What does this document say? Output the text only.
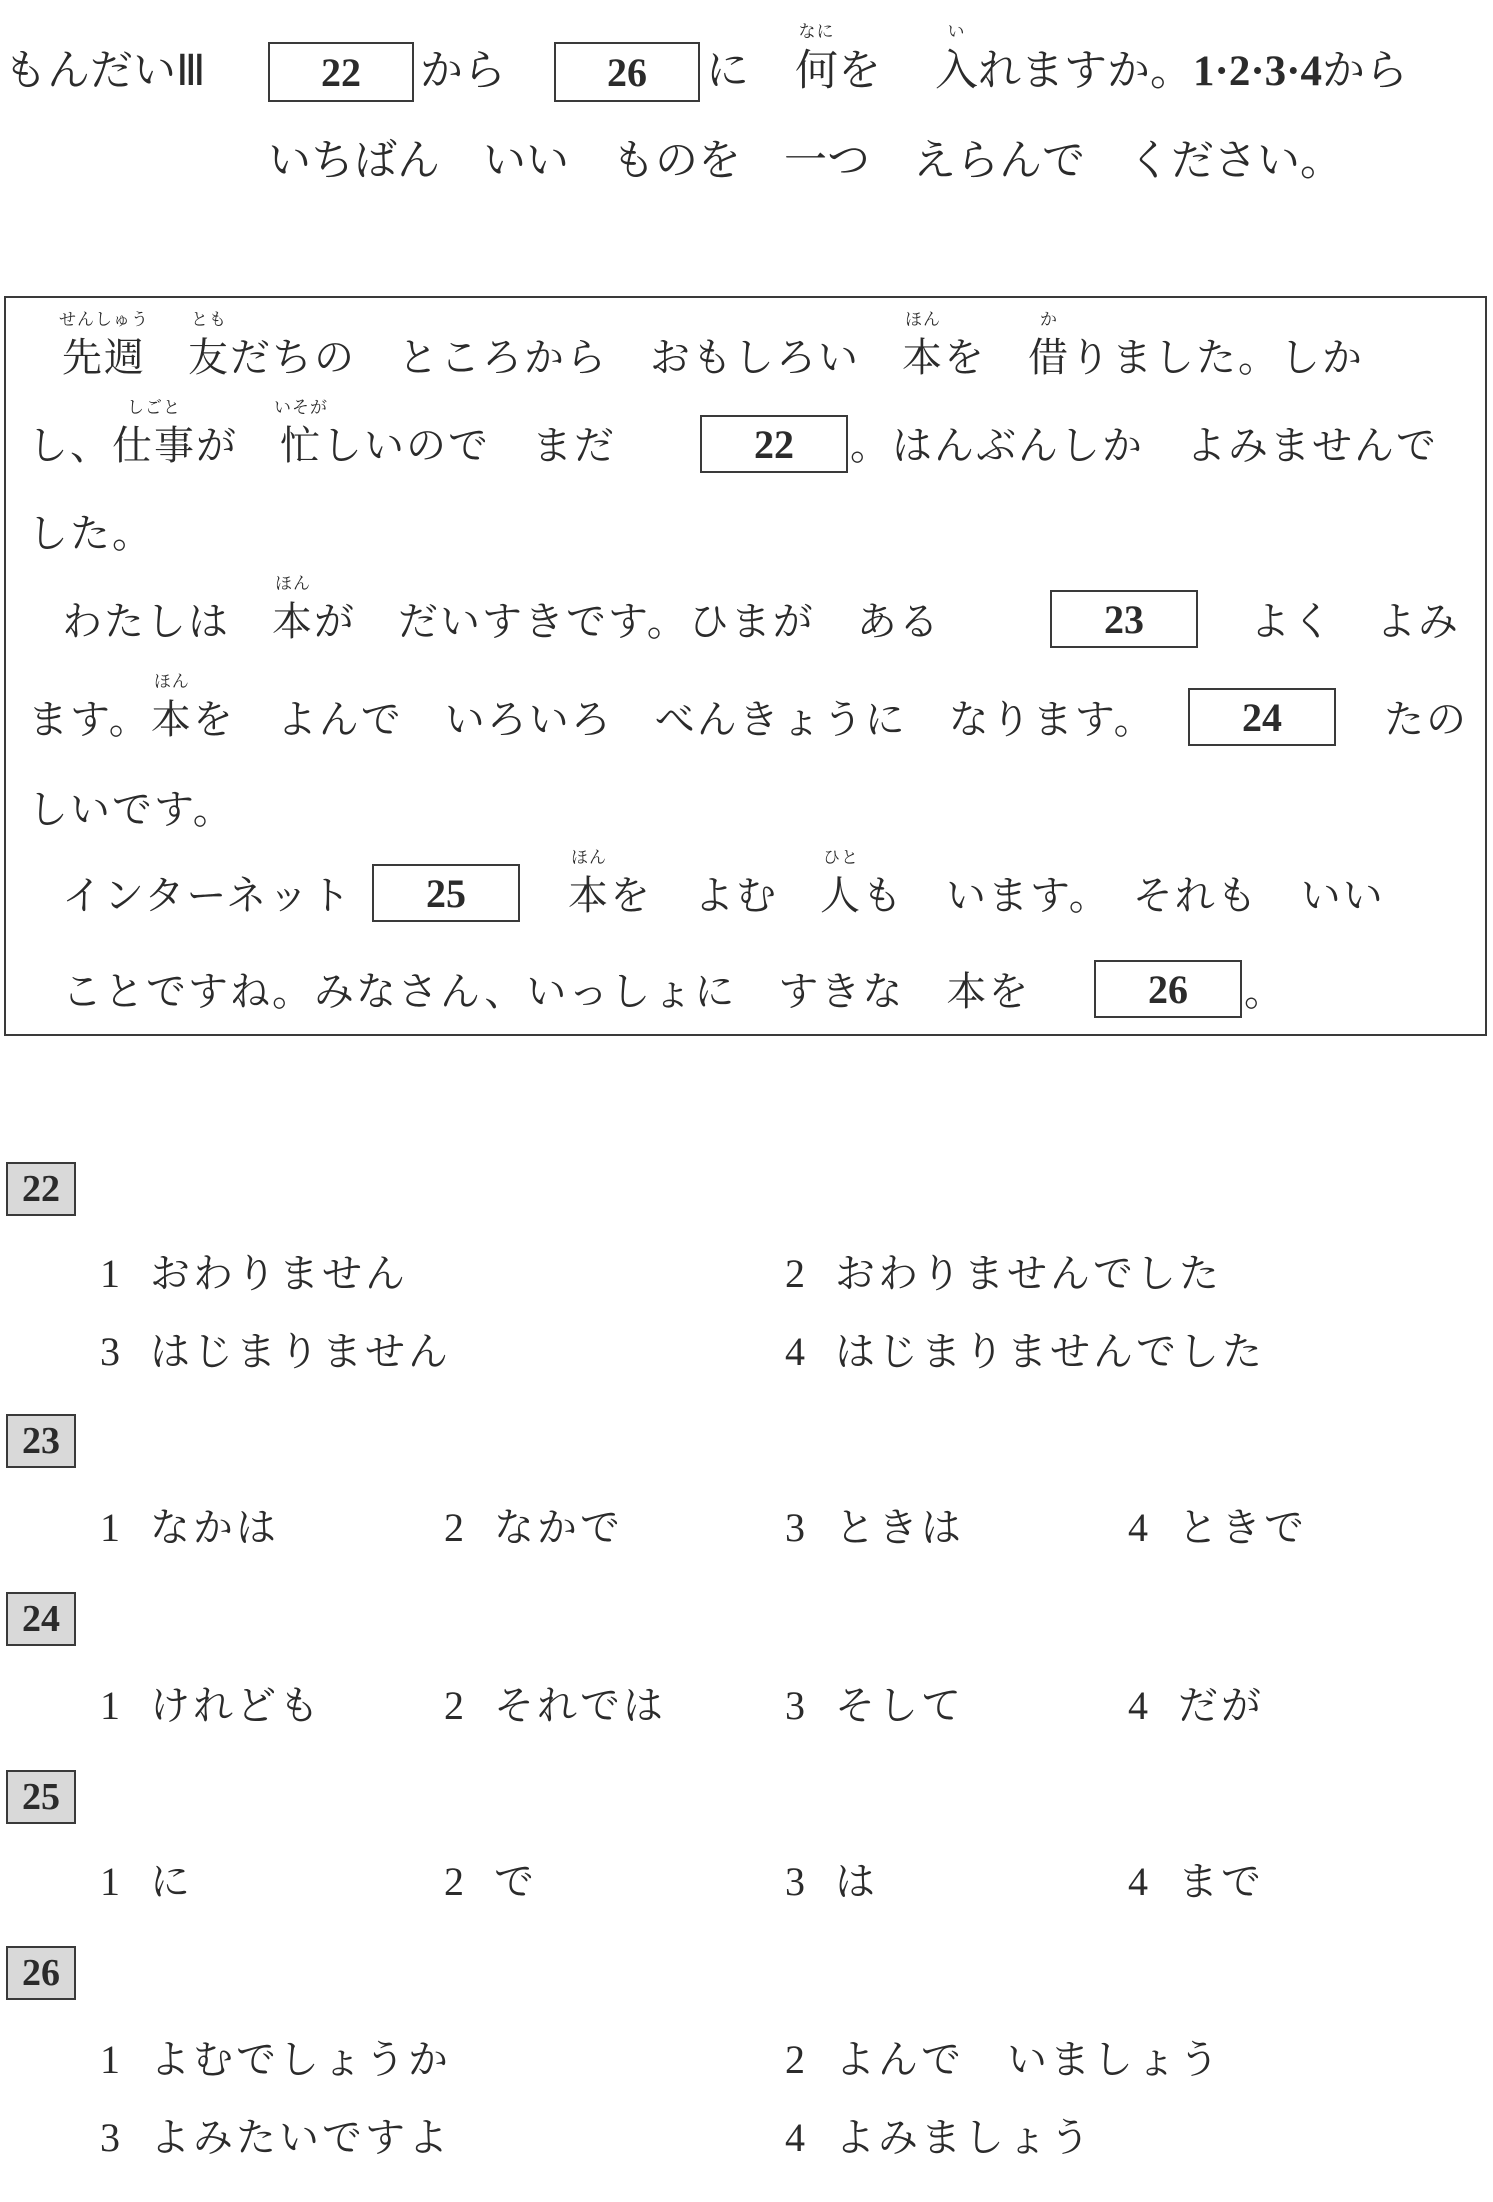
もんだいⅢ	22	から	26	に 何
なに
を 入
い
れますか。1·2·3·4から
いちばん　いい　ものを　一つ　えらんで　ください。
先週
せんしゅう
　友
とも
だちの　ところから　おもしろい　 本
ほん
を　 借
か
りました。しか
し、仕事
しごと
が　 忙
いそが
しいので　まだ	22	。はんぶんしか　よみませんで
した。
わたしは　 本
ほん
が　だいすきです。ひまが　ある	23	よく　よみ
ます。本
ほん
を　よんで　いろいろ　べんきょうに　なります。	24	たの
しいです。
インターネット	25	本
ほん
を　よむ　 人
ひと
も　います。　それも　いい
ことですね。みなさん、いっしょに　すきな　本を	26	。
22
1 おわりません	2 おわりませんでした
3 はじまりません	4 はじまりませんでした
23
1 なかは	2 なかで	3 ときは	4 ときで
24
1 けれども	2 それでは	3 そして	4 だが
25
1 に	2 で	3 は	4 まで
26
1 よむでしょうか	2 よんで　いましょう
3 よみたいですよ	4 よみましょう
